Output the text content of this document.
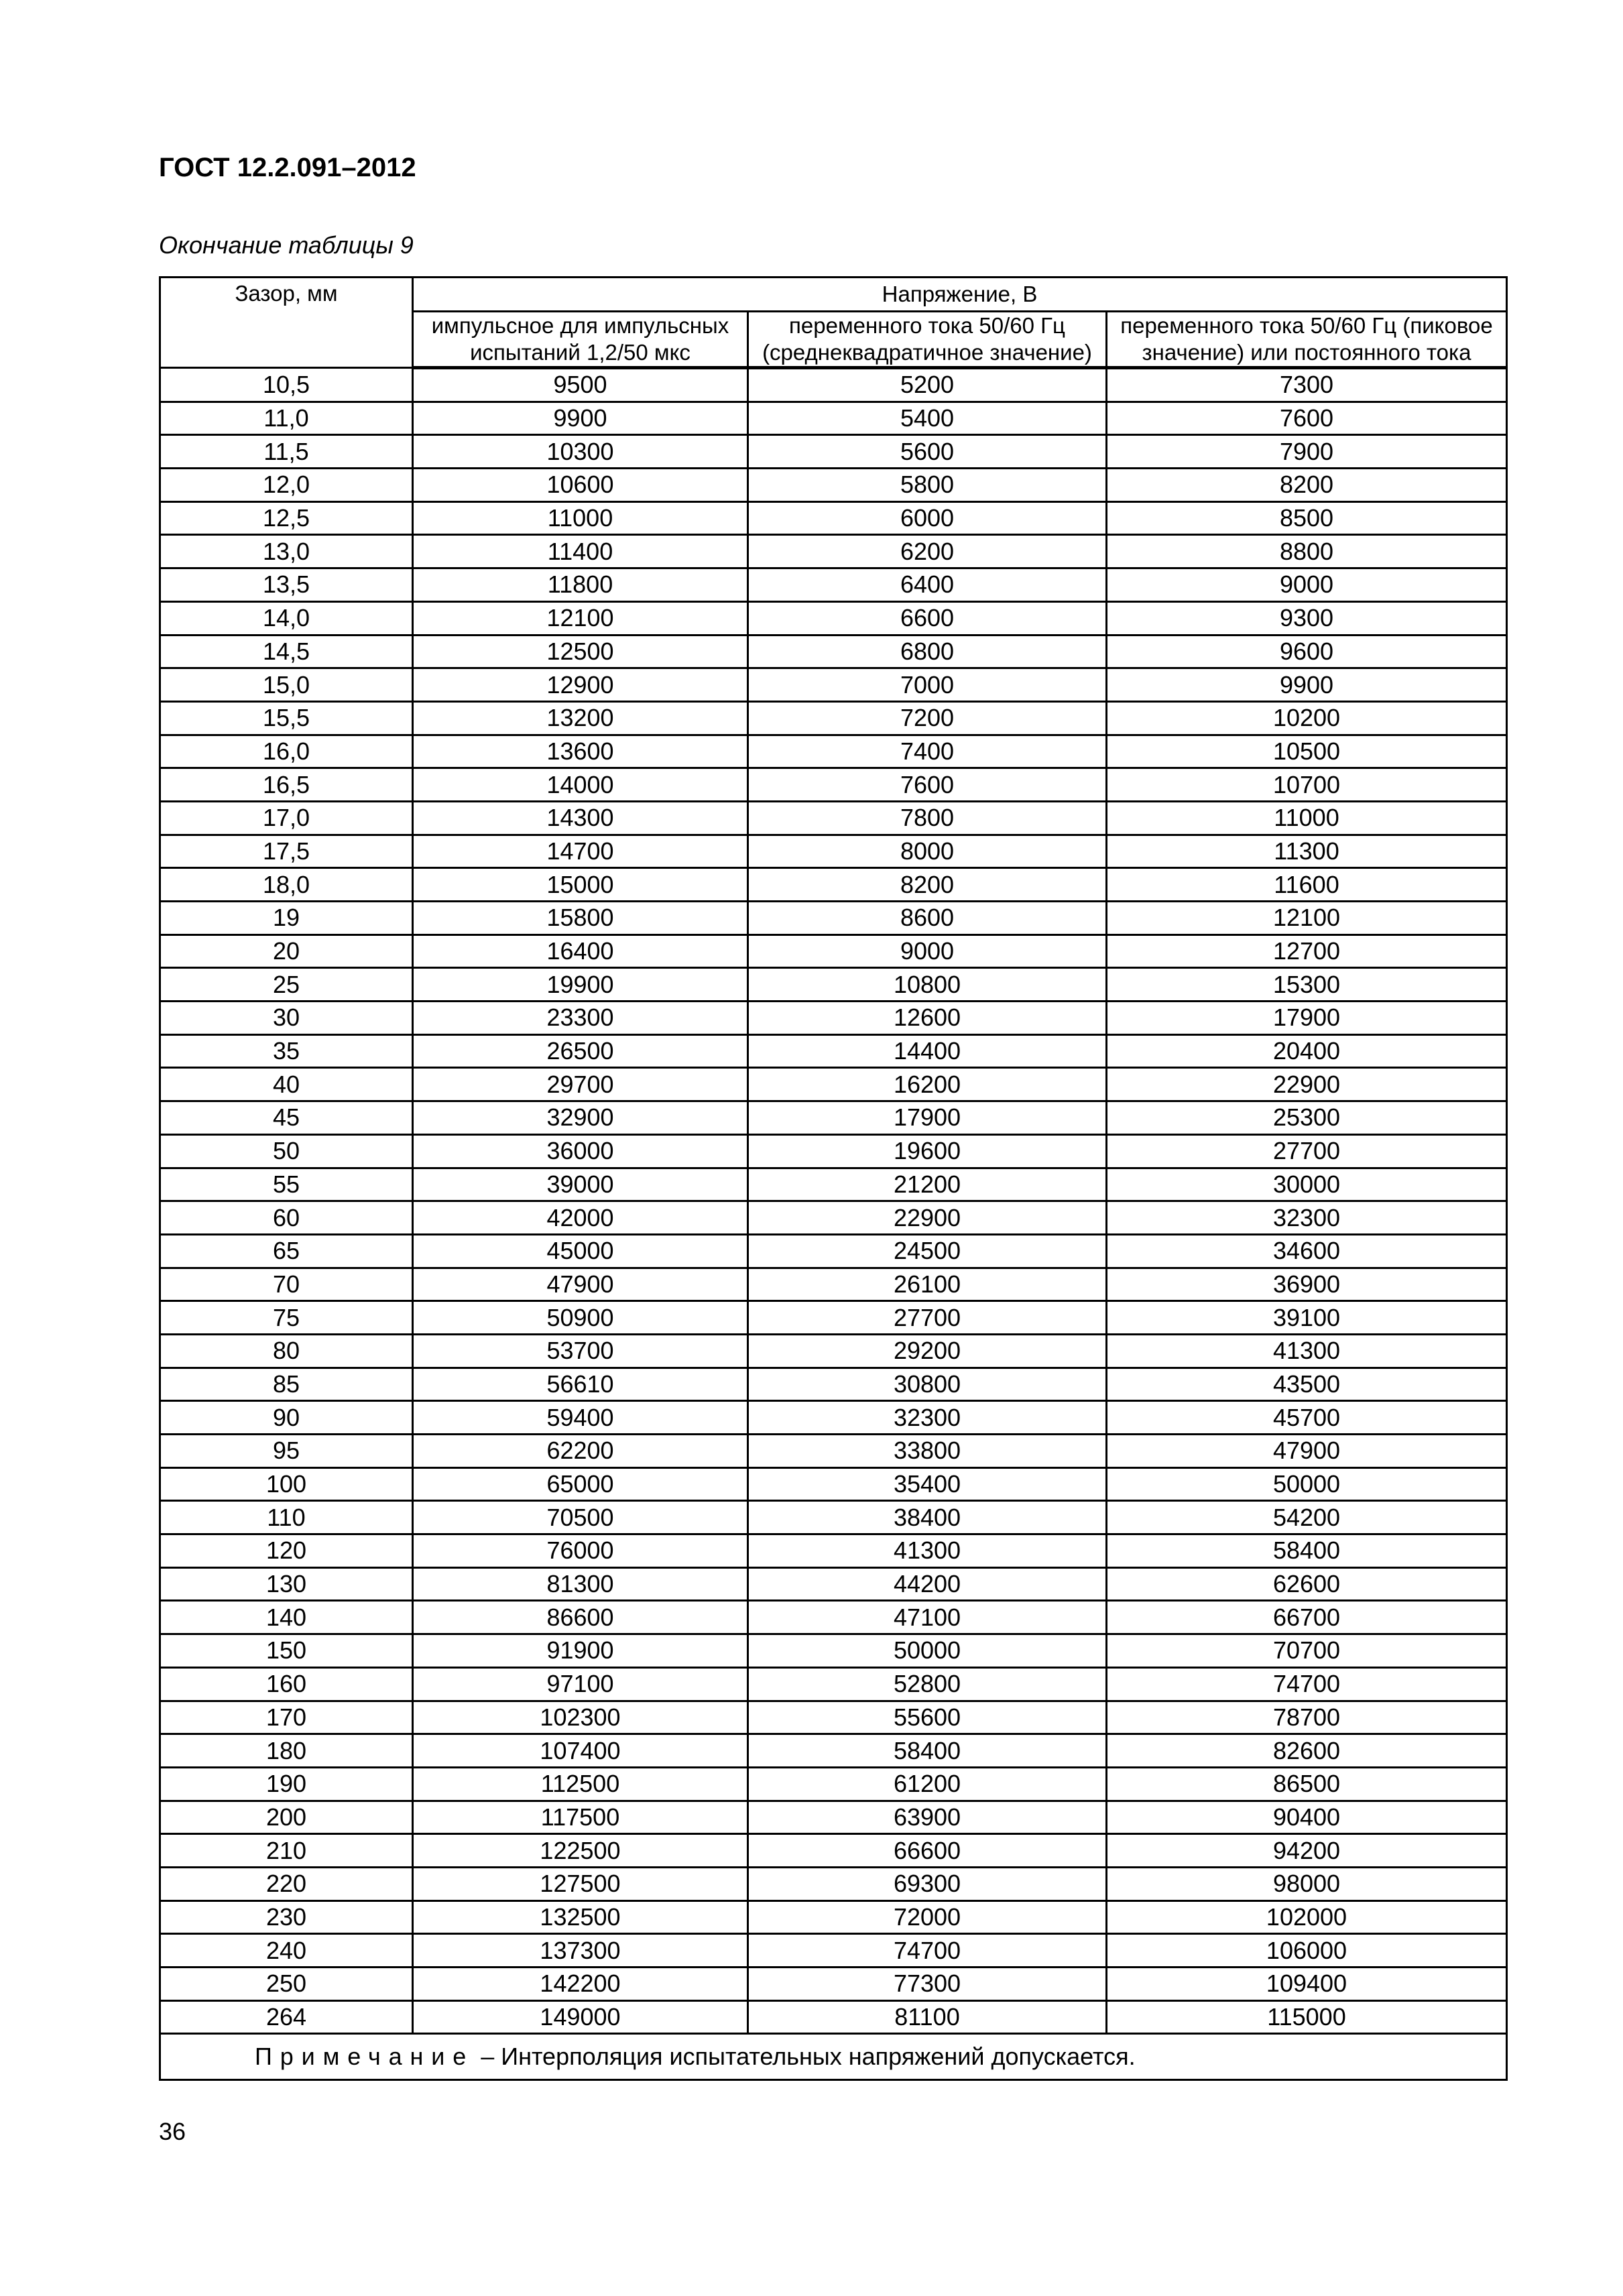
ГОСТ 12.2.091–2012

Окончание таблицы 9

Зазор, мм	Напряжение, В		
	импульсное для импульсных испытаний 1,2/50 мкс	переменного тока 50/60 Гц (среднеквадратичное значение)	переменного тока 50/60 Гц (пиковое значение) или постоянного тока
10,5	9500	5200	7300
11,0	9900	5400	7600
11,5	10300	5600	7900
12,0	10600	5800	8200
12,5	11000	6000	8500
13,0	11400	6200	8800
13,5	11800	6400	9000
14,0	12100	6600	9300
14,5	12500	6800	9600
15,0	12900	7000	9900
15,5	13200	7200	10200
16,0	13600	7400	10500
16,5	14000	7600	10700
17,0	14300	7800	11000
17,5	14700	8000	11300
18,0	15000	8200	11600
19	15800	8600	12100
20	16400	9000	12700
25	19900	10800	15300
30	23300	12600	17900
35	26500	14400	20400
40	29700	16200	22900
45	32900	17900	25300
50	36000	19600	27700
55	39000	21200	30000
60	42000	22900	32300
65	45000	24500	34600
70	47900	26100	36900
75	50900	27700	39100
80	53700	29200	41300
85	56610	30800	43500
90	59400	32300	45700
95	62200	33800	47900
100	65000	35400	50000
110	70500	38400	54200
120	76000	41300	58400
130	81300	44200	62600
140	86600	47100	66700
150	91900	50000	70700
160	97100	52800	74700
170	102300	55600	78700
180	107400	58400	82600
190	112500	61200	86500
200	117500	63900	90400
210	122500	66600	94200
220	127500	69300	98000
230	132500	72000	102000
240	137300	74700	106000
250	142200	77300	109400
264	149000	81100	115000
Примечание – Интерполяция испытательных напряжений допускается.			

36
